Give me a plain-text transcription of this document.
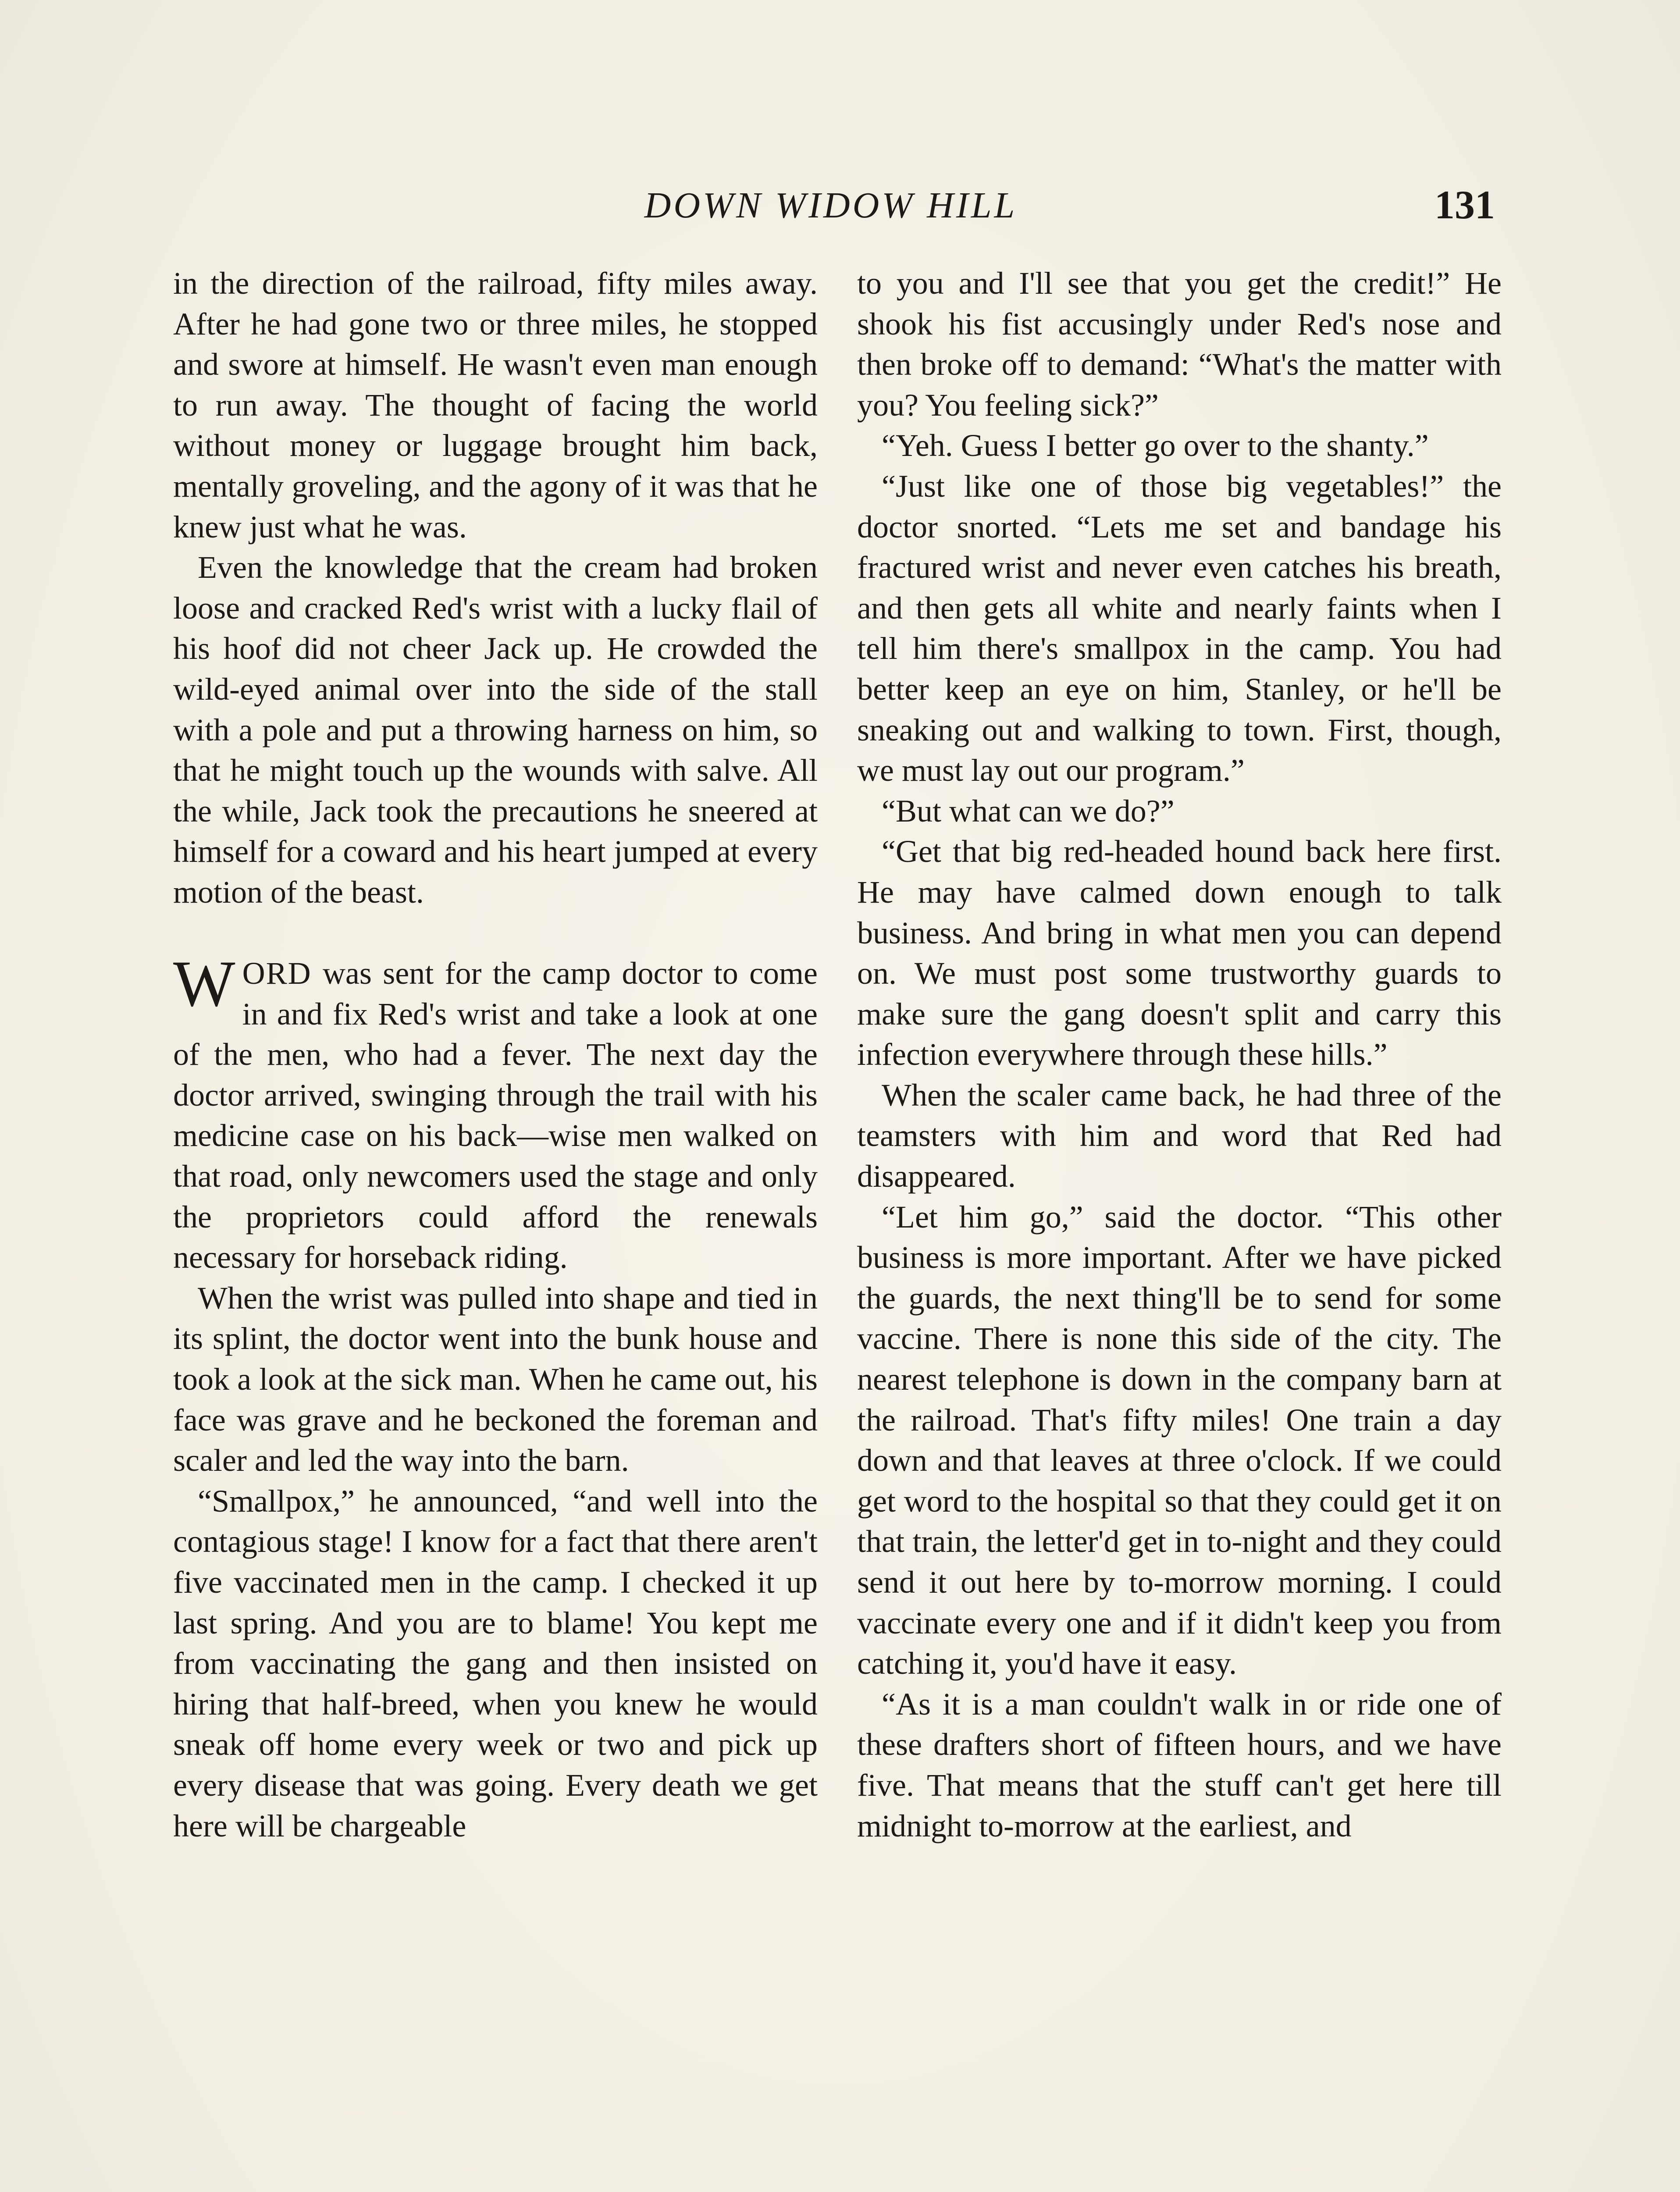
DOWN WIDOW HILL	131

in the direction of the railroad, fifty miles away. After he had gone two or three miles, he stopped and swore at himself. He wasn't even man enough to run away. The thought of facing the world without money or luggage brought him back, mentally groveling, and the agony of it was that he knew just what he was.

Even the knowledge that the cream had broken loose and cracked Red's wrist with a lucky flail of his hoof did not cheer Jack up. He crowded the wild-eyed animal over into the side of the stall with a pole and put a throwing harness on him, so that he might touch up the wounds with salve. All the while, Jack took the precautions he sneered at himself for a coward and his heart jumped at every motion of the beast.

WORD was sent for the camp doctor to come in and fix Red's wrist and take a look at one of the men, who had a fever. The next day the doctor arrived, swinging through the trail with his medicine case on his back—wise men walked on that road, only newcomers used the stage and only the proprietors could afford the renewals necessary for horseback riding.

When the wrist was pulled into shape and tied in its splint, the doctor went into the bunk house and took a look at the sick man. When he came out, his face was grave and he beckoned the foreman and scaler and led the way into the barn.

“Smallpox,” he announced, “and well into the contagious stage! I know for a fact that there aren't five vaccinated men in the camp. I checked it up last spring. And you are to blame! You kept me from vaccinating the gang and then insisted on hiring that half-breed, when you knew he would sneak off home every week or two and pick up every disease that was going. Every death we get here will be chargeable

to you and I'll see that you get the credit!” He shook his fist accusingly under Red's nose and then broke off to demand: “What's the matter with you? You feeling sick?”

“Yeh. Guess I better go over to the shanty.”

“Just like one of those big vegetables!” the doctor snorted. “Lets me set and bandage his fractured wrist and never even catches his breath, and then gets all white and nearly faints when I tell him there's smallpox in the camp. You had better keep an eye on him, Stanley, or he'll be sneaking out and walking to town. First, though, we must lay out our program.”

“But what can we do?”

“Get that big red-headed hound back here first. He may have calmed down enough to talk business. And bring in what men you can depend on. We must post some trustworthy guards to make sure the gang doesn't split and carry this infection everywhere through these hills.”

When the scaler came back, he had three of the teamsters with him and word that Red had disappeared.

“Let him go,” said the doctor. “This other business is more important. After we have picked the guards, the next thing'll be to send for some vaccine. There is none this side of the city. The nearest telephone is down in the company barn at the railroad. That's fifty miles! One train a day down and that leaves at three o'clock. If we could get word to the hospital so that they could get it on that train, the letter'd get in to-night and they could send it out here by to-morrow morning. I could vaccinate every one and if it didn't keep you from catching it, you'd have it easy.

“As it is a man couldn't walk in or ride one of these drafters short of fifteen hours, and we have five. That means that the stuff can't get here till midnight to-morrow at the earliest, and
